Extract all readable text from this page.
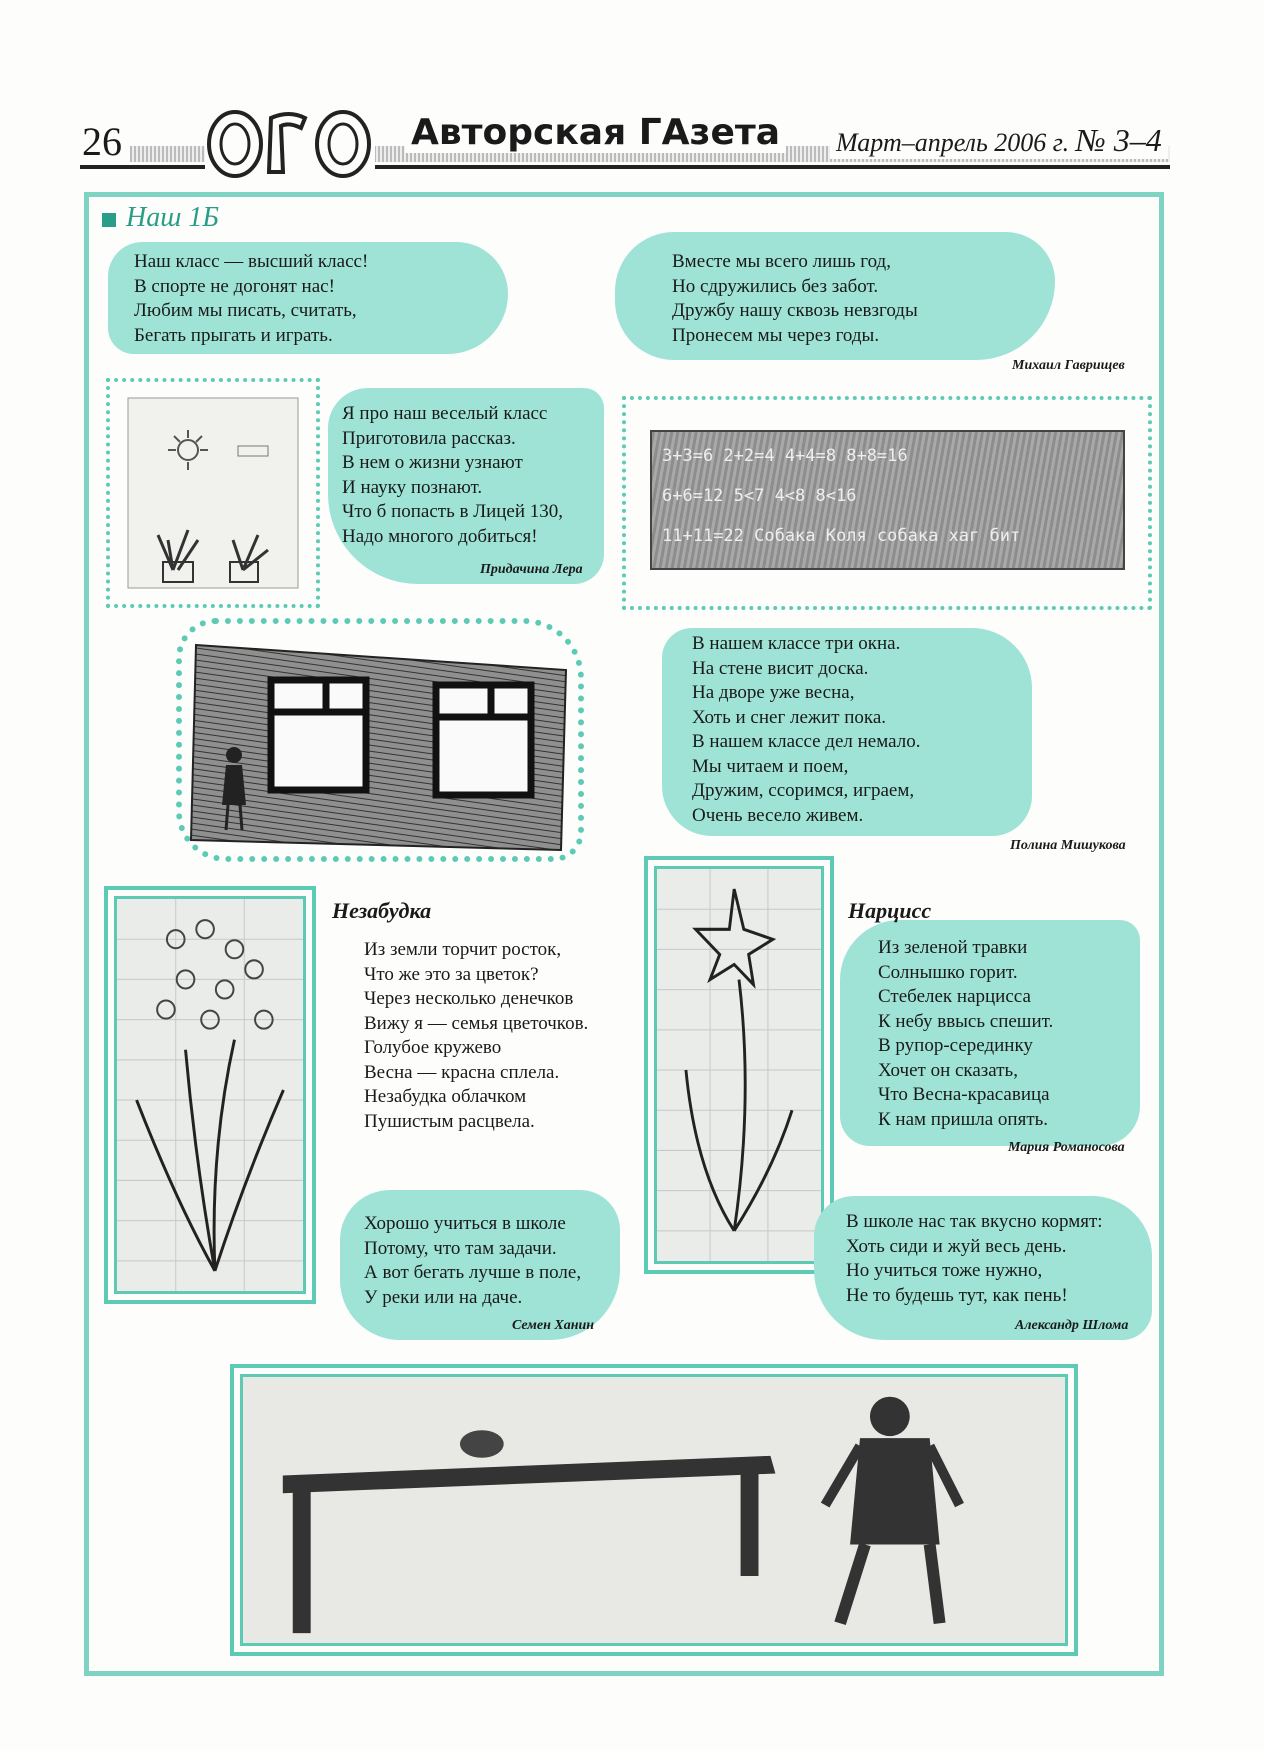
26
АГА
Авторская ГАзета Март–апрель 2006 г. № 3–4
Наш 1Б
Наш класс — высший класс!
В спорте не догонят нас!
Любим мы писать, считать,
Бегать прыгать и играть.
Вместе мы всего лишь год,
Но сдружились без забот.
Дружбу нашу сквозь невзгоды
Пронесем мы через годы.
Михаил Гаврищев
Я про наш веселый класс
Приготовила рассказ.
В нем о жизни узнают
И науку познают.
Что б попасть в Лицей 130,
Надо многого добиться!
Придачина Лера
3+3=6 2+2=4 4+4=8 8+8=16
6+6=12 5<7 4<8 8<16
11+11=22 Собака Коля собака хаг бит
В нашем классе три окна.
На стене висит доска.
На дворе уже весна,
Хоть и снег лежит пока.
В нашем классе дел немало.
Мы читаем и поем,
Дружим, ссоримся, играем,
Очень весело живем.
Полина Мишукова
Незабудка
Из земли торчит росток,
Что же это за цветок?
Через несколько денечков
Вижу я — семья цветочков.
Голубое кружево
Весна — красна сплела.
Незабудка облачком
Пушистым расцвела.
Нарцисс
Из зеленой травки
Солнышко горит.
Стебелек нарцисса
К небу ввысь спешит.
В рупор-серединку
Хочет он сказать,
Что Весна-красавица
К нам пришла опять.
Мария Романосова
Хорошо учиться в школе
Потому, что там задачи.
А вот бегать лучше в поле,
У реки или на даче.
Семен Ханин
В школе нас так вкусно кормят:
Хоть сиди и жуй весь день.
Но учиться тоже нужно,
Не то будешь тут, как пень!
Александр Шлома
